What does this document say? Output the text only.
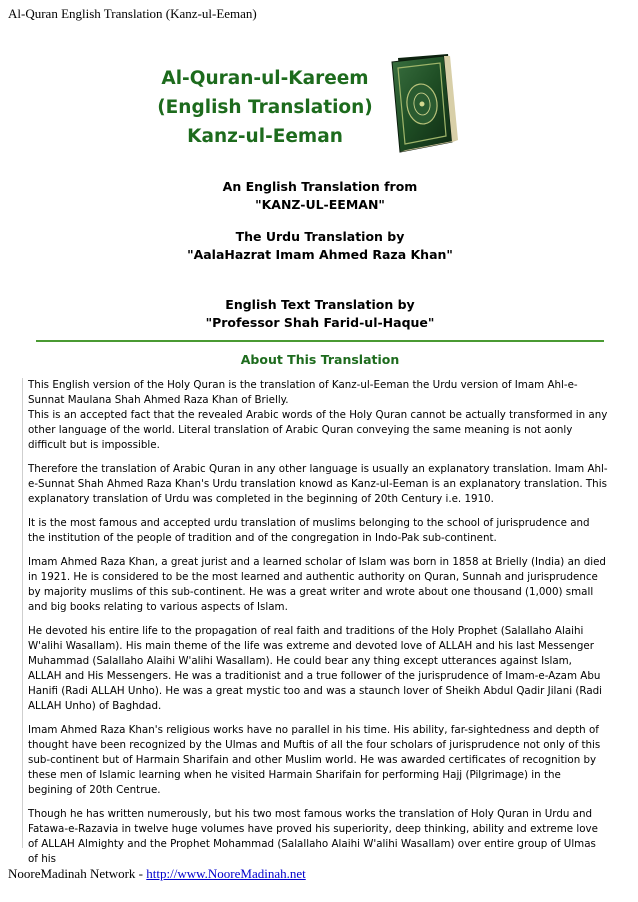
Al-Quran English Translation (Kanz-ul-Eeman)
Al-Quran-ul-Kareem
(English Translation)
Kanz-ul-Eeman
An English Translation from
"KANZ-UL-EEMAN"
The Urdu Translation by
"AalaHazrat Imam Ahmed Raza Khan"
English Text Translation by
"Professor Shah Farid-ul-Haque"
About This Translation

This English version of the Holy Quran is the translation of Kanz-ul-Eeman the Urdu version of Imam Ahl-e-Sunnat Maulana Shah Ahmed Raza Khan of Brielly.

This is an accepted fact that the revealed Arabic words of the Holy Quran cannot be actually transformed in any other language of the world. Literal translation of Arabic Quran conveying the same meaning is not aonly difficult but is impossible.

Therefore the translation of Arabic Quran in any other language is usually an explanatory translation. Imam Ahl-e-Sunnat Shah Ahmed Raza Khan's Urdu translation knowd as Kanz-ul-Eeman is an explanatory translation. This explanatory translation of Urdu was completed in the beginning of 20th Century i.e. 1910.

It is the most famous and accepted urdu translation of muslims belonging to the school of jurisprudence and the institution of the people of tradition and of the congregation in Indo-Pak sub-continent.

Imam Ahmed Raza Khan, a great jurist and a learned scholar of Islam was born in 1858 at Brielly (India) an died in 1921. He is considered to be the most learned and authentic authority on Quran, Sunnah and jurisprudence by majority muslims of this sub-continent. He was a great writer and wrote about one thousand (1,000) small and big books relating to various aspects of Islam.

He devoted his entire life to the propagation of real faith and traditions of the Holy Prophet (Salallaho Alaihi W'alihi Wasallam). His main theme of the life was extreme and devoted love of ALLAH and his last Messenger Muhammad (Salallaho Alaihi W'alihi Wasallam). He could bear any thing except utterances against Islam, ALLAH and His Messengers. He was a traditionist and a true follower of the jurisprudence of Imam-e-Azam Abu Hanifi (Radi ALLAH Unho). He was a great mystic too and was a staunch lover of Sheikh Abdul Qadir Jilani (Radi ALLAH Unho) of Baghdad.

Imam Ahmed Raza Khan's religious works have no parallel in his time. His ability, far-sightedness and depth of thought have been recognized by the Ulmas and Muftis of all the four scholars of jurisprudence not only of this sub-continent but of Harmain Sharifain and other Muslim world. He was awarded certificates of recognition by these men of Islamic learning when he visited Harmain Sharifain for performing Hajj (Pilgrimage) in the begining of 20th Centrue.

Though he has written numerously, but his two most famous works the translation of Holy Quran in Urdu and Fatawa-e-Razavia in twelve huge volumes have proved his superiority, deep thinking, ability and extreme love of ALLAH Almighty and the Prophet Mohammad (Salallaho Alaihi W'alihi Wasallam) over entire group of Ulmas of his

NooreMadinah Network - http://www.NooreMadinah.net
